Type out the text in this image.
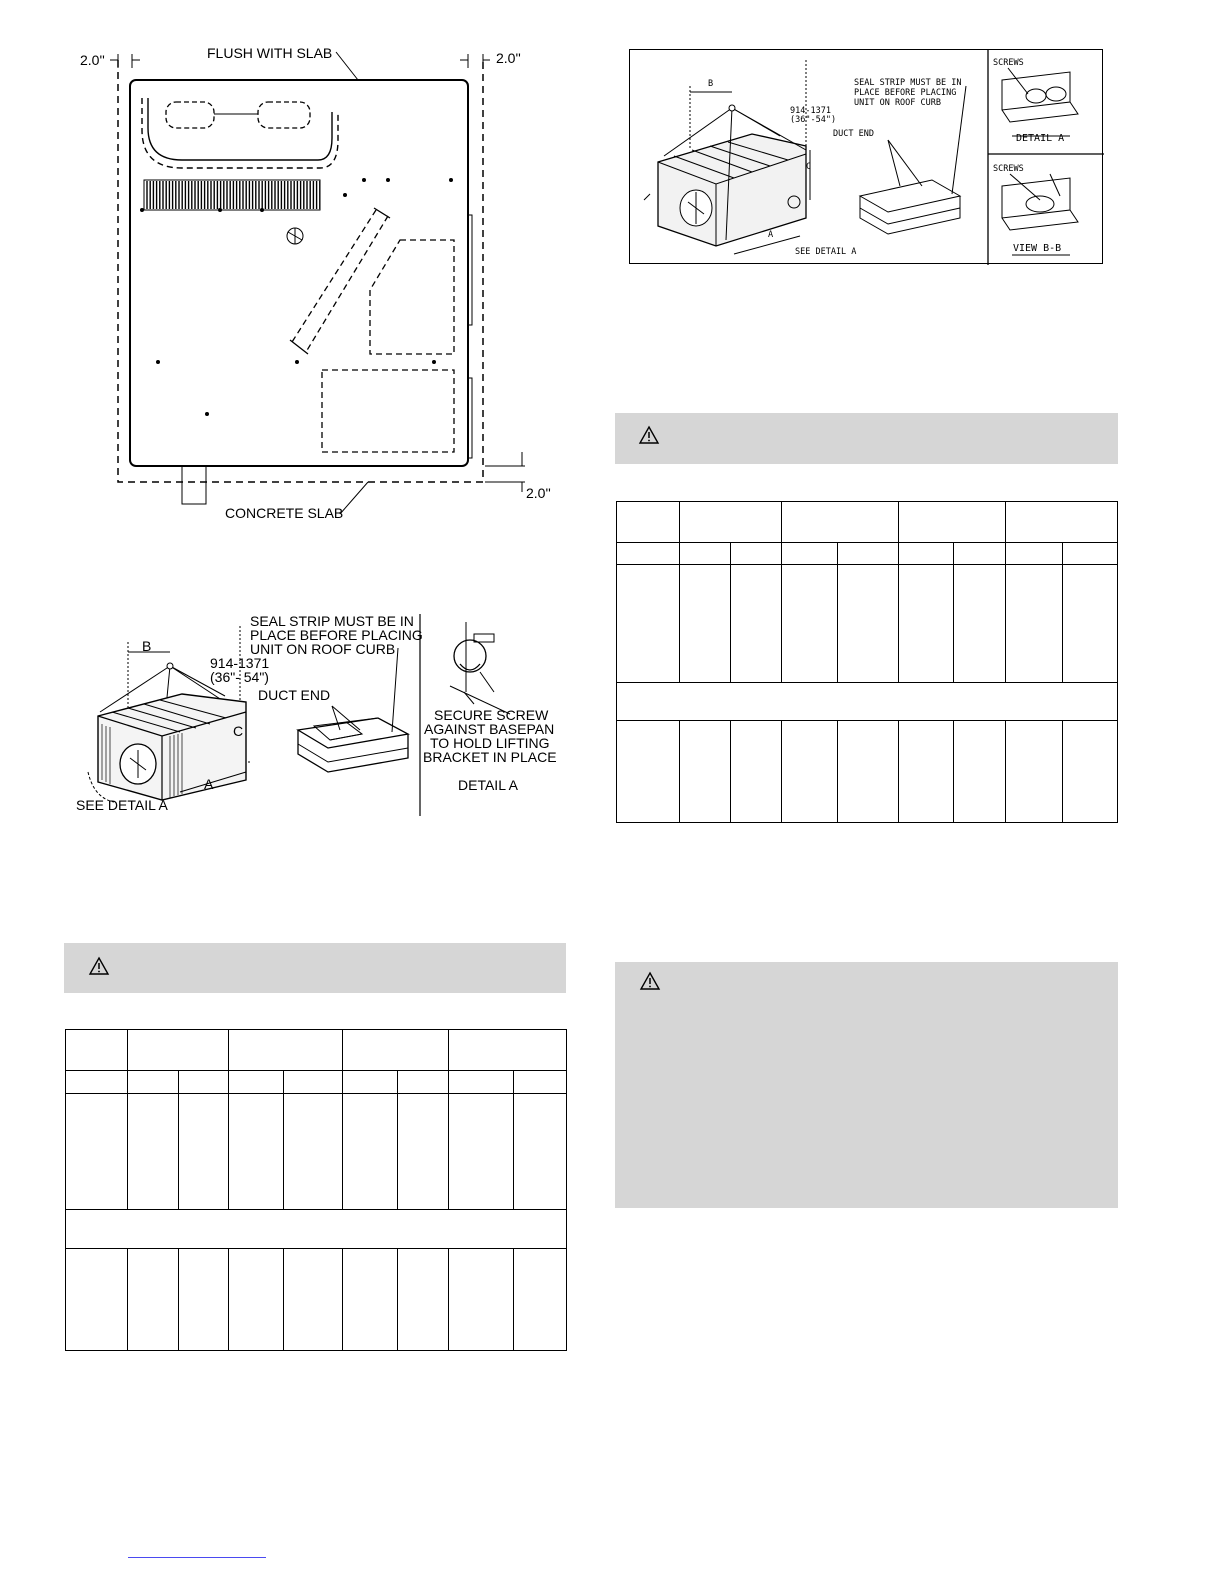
FLUSH WITH SLAB
2.0''	2.0''
2.0''
CONCRETE SLAB
B
914-1371
(36"- 54")
C
A
SEE DETAIL A
SEAL STRIP MUST BE IN
PLACE BEFORE PLACING
UNIT ON ROOF CURB
DUCT END
SECURE SCREW
AGAINST BASEPAN
TO HOLD LIFTING
BRACKET IN PLACE
DETAIL A

B
914-1371
(36"-54")
C
A
SEE DETAIL A
SEAL STRIP MUST BE IN
PLACE BEFORE PLACING
UNIT ON ROOF CURB
DUCT END
SCREWS
DETAIL A
SCREWS
VIEW B-B
